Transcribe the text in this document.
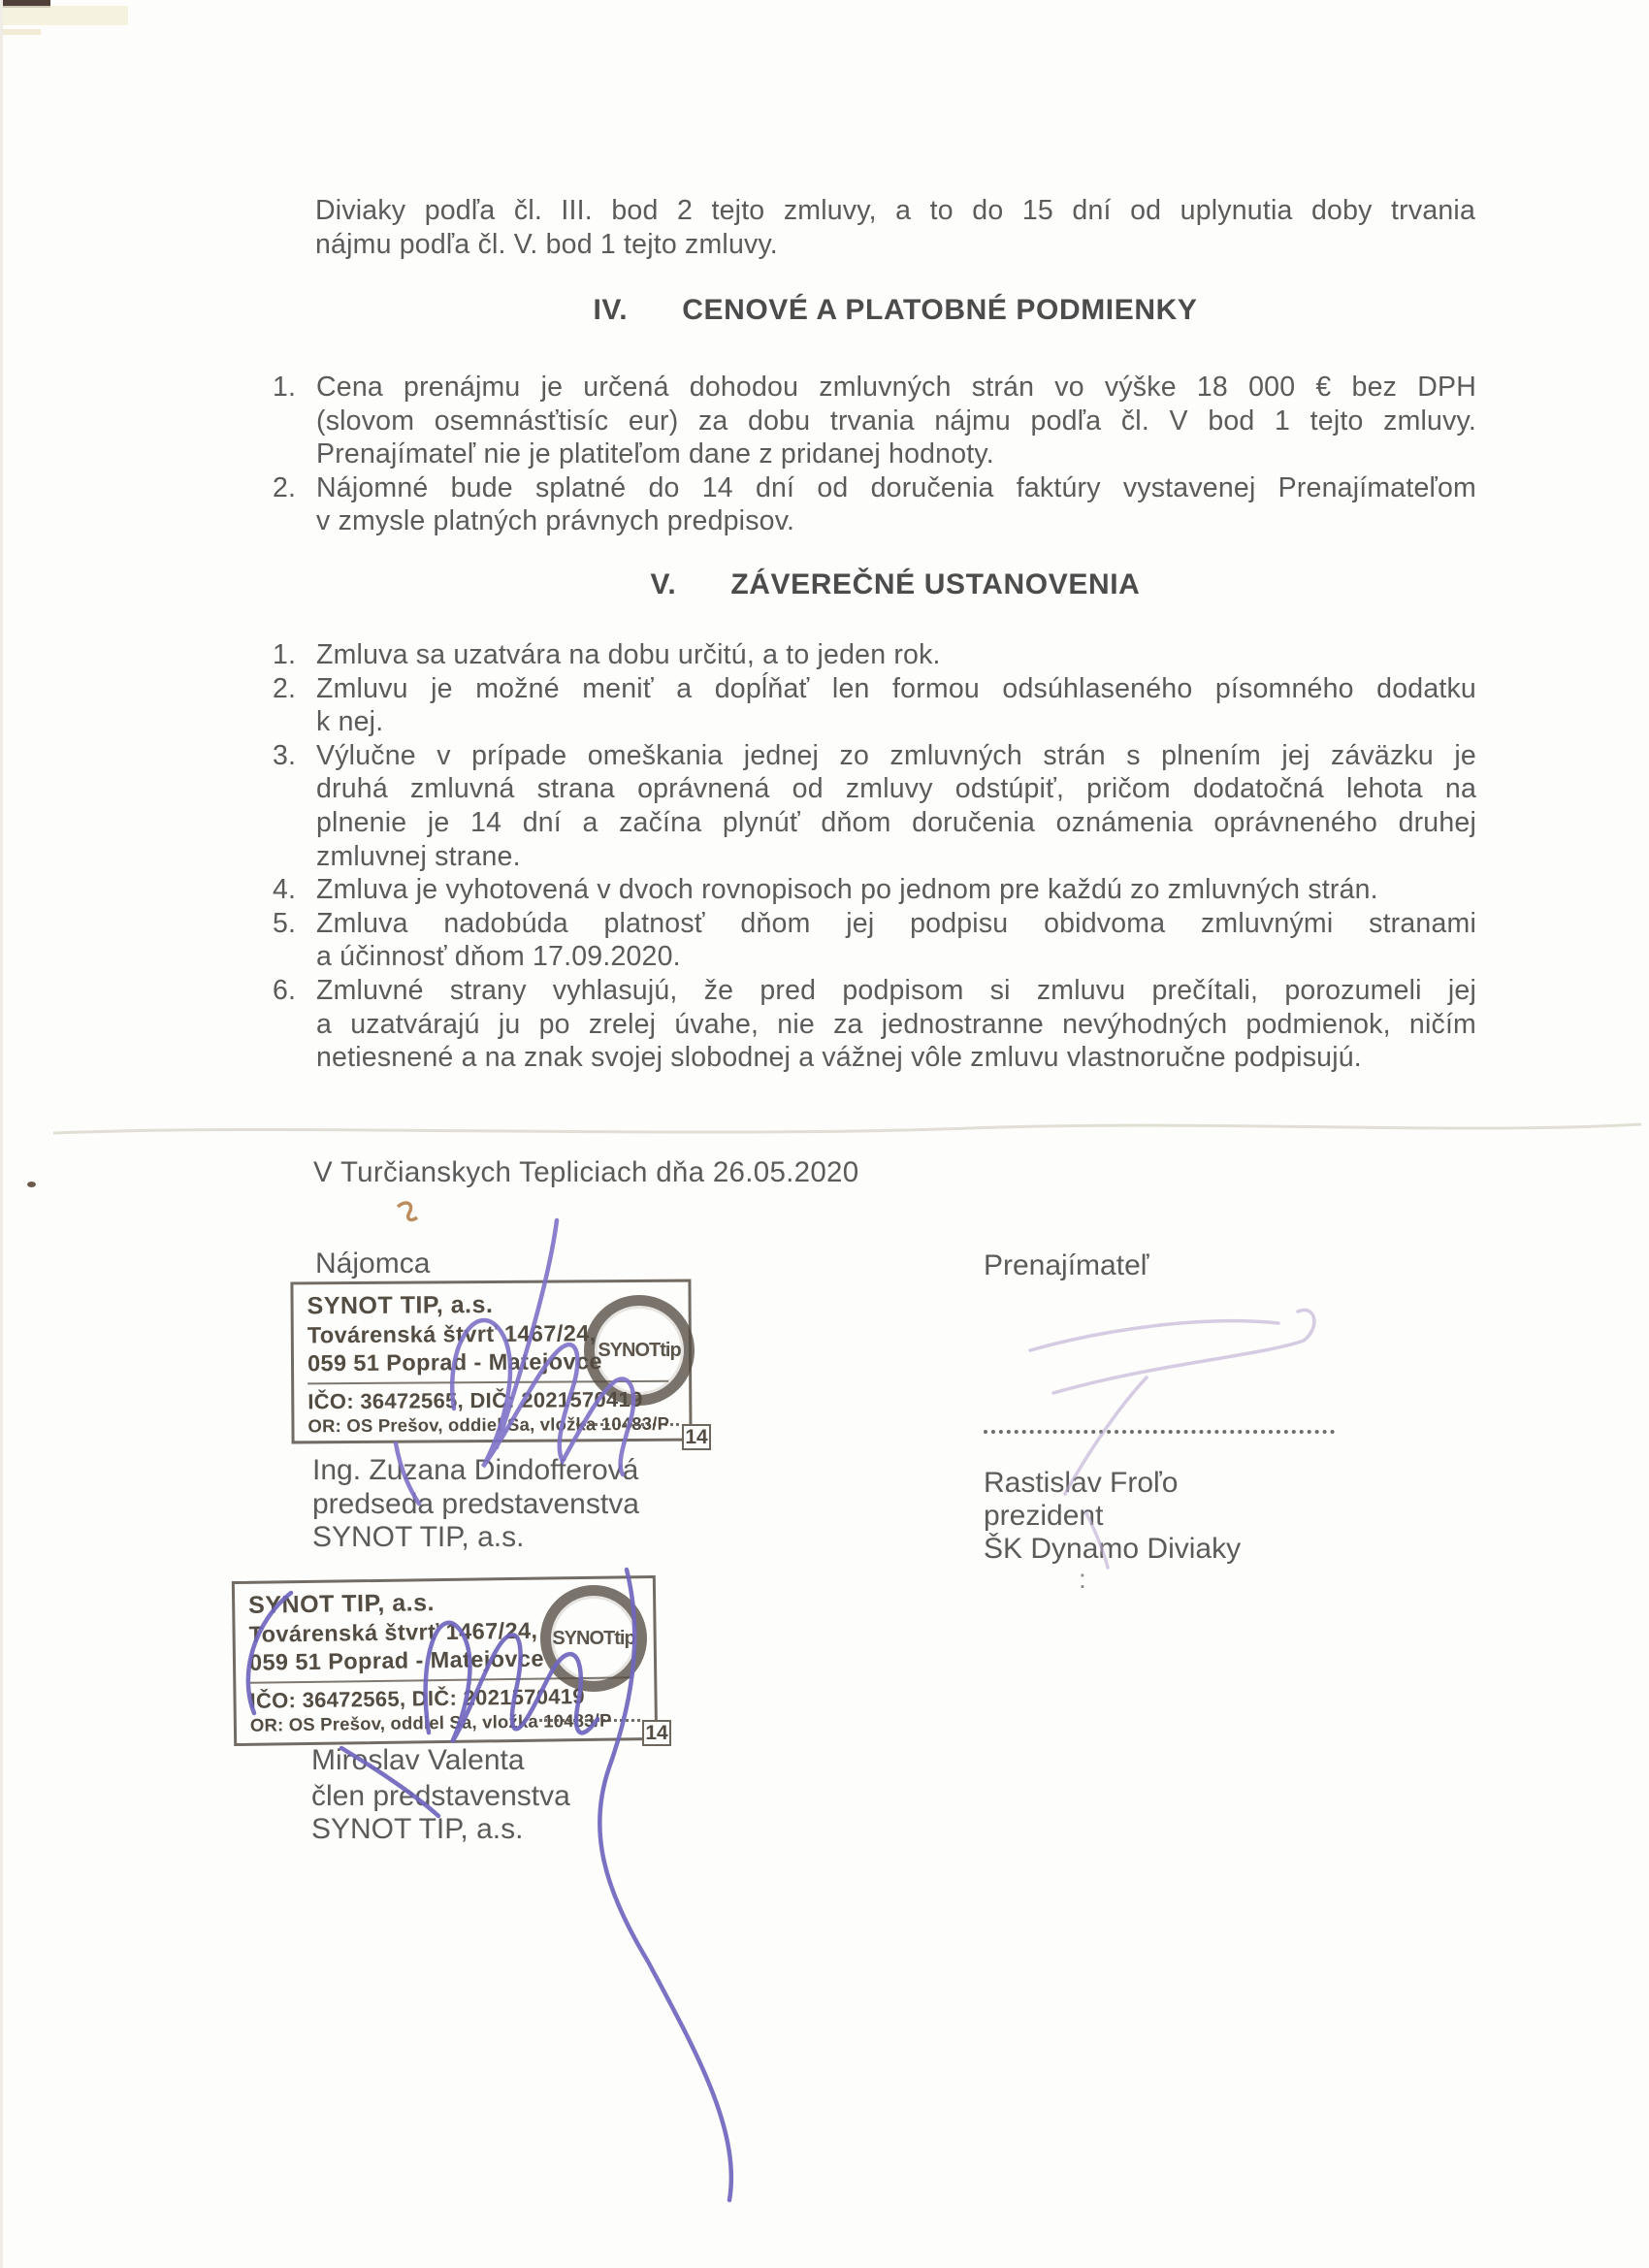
:
Diviaky podľa čl. III. bod 2 tejto zmluvy, a to do 15 dní od uplynutia doby trvania
nájmu podľa čl. V. bod 1 tejto zmluvy.
IV. CENOVÉ A PLATOBNÉ PODMIENKY
1. Cena prenájmu je určená dohodou zmluvných strán vo výške 18 000 € bez DPH
(slovom osemnásťtisíc eur) za dobu trvania nájmu podľa čl. V bod 1 tejto zmluvy.
Prenajímateľ nie je platiteľom dane z pridanej hodnoty.
2. Nájomné bude splatné do 14 dní od doručenia faktúry vystavenej Prenajímateľom
v zmysle platných právnych predpisov.
V. ZÁVEREČNÉ USTANOVENIA
1. Zmluva sa uzatvára na dobu určitú, a to jeden rok.
2. Zmluvu je možné meniť a dopĺňať len formou odsúhlaseného písomného dodatku
k nej.
3. Výlučne v prípade omeškania jednej zo zmluvných strán s plnením jej záväzku je
druhá zmluvná strana oprávnená od zmluvy odstúpiť, pričom dodatočná lehota na
plnenie je 14 dní a začína plynúť dňom doručenia oznámenia oprávneného druhej
zmluvnej strane.
4. Zmluva je vyhotovená v dvoch rovnopisoch po jednom pre každú zo zmluvných strán.
5. Zmluva nadobúda platnosť dňom jej podpisu obidvoma zmluvnými stranami
a účinnosť dňom 17.09.2020.
6. Zmluvné strany vyhlasujú, že pred podpisom si zmluvu prečítali, porozumeli jej
a uzatvárajú ju po zrelej úvahe, nie za jednostranne nevýhodných podmienok, ničím
netiesnené a na znak svojej slobodnej a vážnej vôle zmluvu vlastnoručne podpisujú.
V Turčianskych Tepliciach dňa 26.05.2020
Nájomca	Prenajímateľ
SYNOT TIP, a.s.
Továrenská štvrť 1467/24,
059 51 Poprad - Matejovce
IČO: 36472565, DIČ: 2021570419
OR: OS Prešov, oddiel Sa, vložka 10483/P
SYNOTtip
14
Ing. Zuzana Dindofferová
predseda predstavenstva
SYNOT TIP, a.s.
Rastislav Froľo
prezident
ŠK Dynamo Diviaky
SYNOT TIP, a.s.
Továrenská štvrť 1467/24,
059 51 Poprad - Matejovce
IČO: 36472565, DIČ: 2021570419
OR: OS Prešov, oddiel Sa, vložka 10483/P
SYNOTtip
14
Miroslav Valenta
člen predstavenstva
SYNOT TIP, a.s.
